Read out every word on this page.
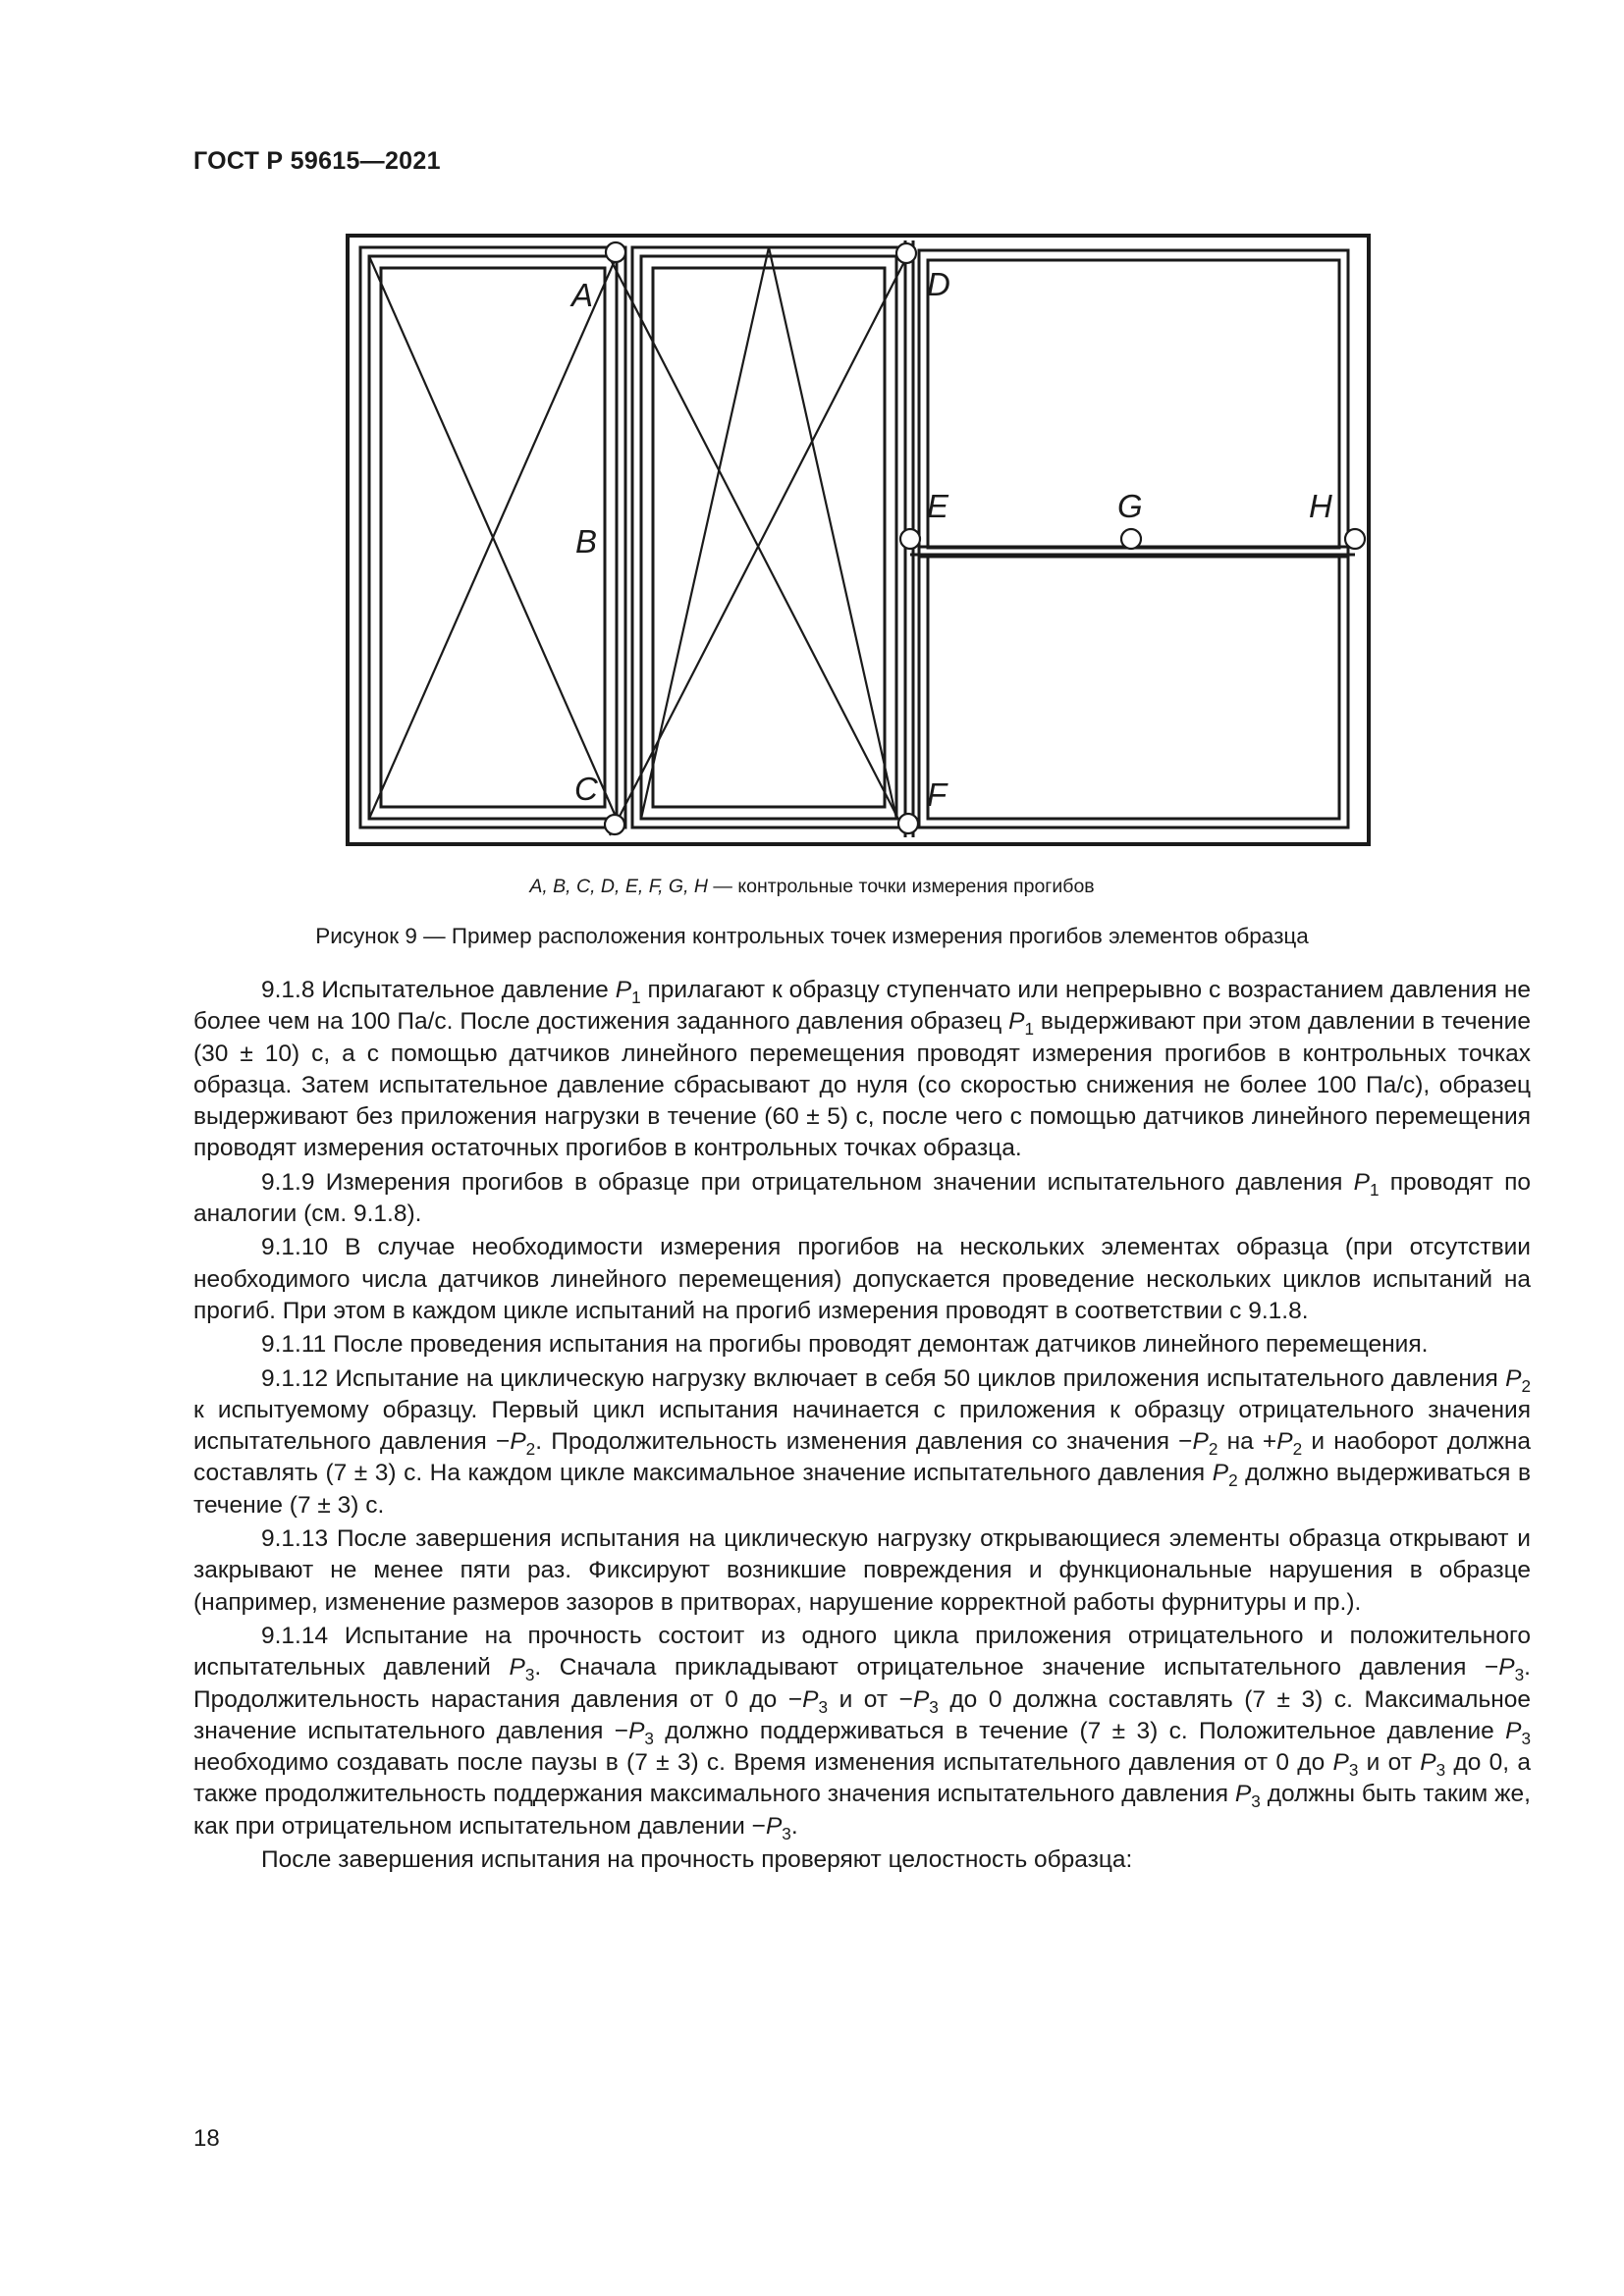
ГОСТ Р 59615—2021
A
B
C
D
E
F
G	H
A, B, C, D, E, F, G, H — контрольные точки измерения прогибов
Рисунок 9 — Пример расположения контрольных точек измерения прогибов элементов образца

9.1.8 Испытательное давление $P_1$ прилагают к образцу ступенчато или непрерывно с возрастанием давления не более чем на 100 Па/с. После достижения заданного давления образец $P_1$ выдерживают при этом давлении в течение (30 ± 10) с, а с помощью датчиков линейного перемещения проводят измерения прогибов в контрольных точках образца. Затем испытательное давление сбрасывают до нуля (со скоростью снижения не более 100 Па/с), образец выдерживают без приложения нагрузки в течение (60 ± 5) с, после чего с помощью датчиков линейного перемещения проводят измерения остаточных прогибов в контрольных точках образца.

9.1.9 Измерения прогибов в образце при отрицательном значении испытательного давления $P_1$ проводят по аналогии (см. 9.1.8).

9.1.10 В случае необходимости измерения прогибов на нескольких элементах образца (при отсутствии необходимого числа датчиков линейного перемещения) допускается проведение нескольких циклов испытаний на прогиб. При этом в каждом цикле испытаний на прогиб измерения проводят в соответствии с 9.1.8.

9.1.11 После проведения испытания на прогибы проводят демонтаж датчиков линейного перемещения.

9.1.12 Испытание на циклическую нагрузку включает в себя 50 циклов приложения испытательного давления $P_2$ к испытуемому образцу. Первый цикл испытания начинается с приложения к образцу отрицательного значения испытательного давления $-P_2$. Продолжительность изменения давления со значения $-P_2$ на $+P_2$ и наоборот должна составлять (7 ± 3) с. На каждом цикле максимальное значение испытательного давления $P_2$ должно выдерживаться в течение (7 ± 3) с.

9.1.13 После завершения испытания на циклическую нагрузку открывающиеся элементы образца открывают и закрывают не менее пяти раз. Фиксируют возникшие повреждения и функциональные нарушения в образце (например, изменение размеров зазоров в притворах, нарушение корректной работы фурнитуры и пр.).

9.1.14 Испытание на прочность состоит из одного цикла приложения отрицательного и положительного испытательных давлений $P_3$. Сначала прикладывают отрицательное значение испытательного давления $-P_3$. Продолжительность нарастания давления от 0 до $-P_3$ и от $-P_3$ до 0 должна составлять (7 ± 3) с. Максимальное значение испытательного давления $-P_3$ должно поддерживаться в течение (7 ± 3) с. Положительное давление $P_3$ необходимо создавать после паузы в (7 ± 3) с. Время изменения испытательного давления от 0 до $P_3$ и от $P_3$ до 0, а также продолжительность поддержания максимального значения испытательного давления $P_3$ должны быть таким же, как при отрицательном испытательном давлении $-P_3$.

После завершения испытания на прочность проверяют целостность образца:

18
